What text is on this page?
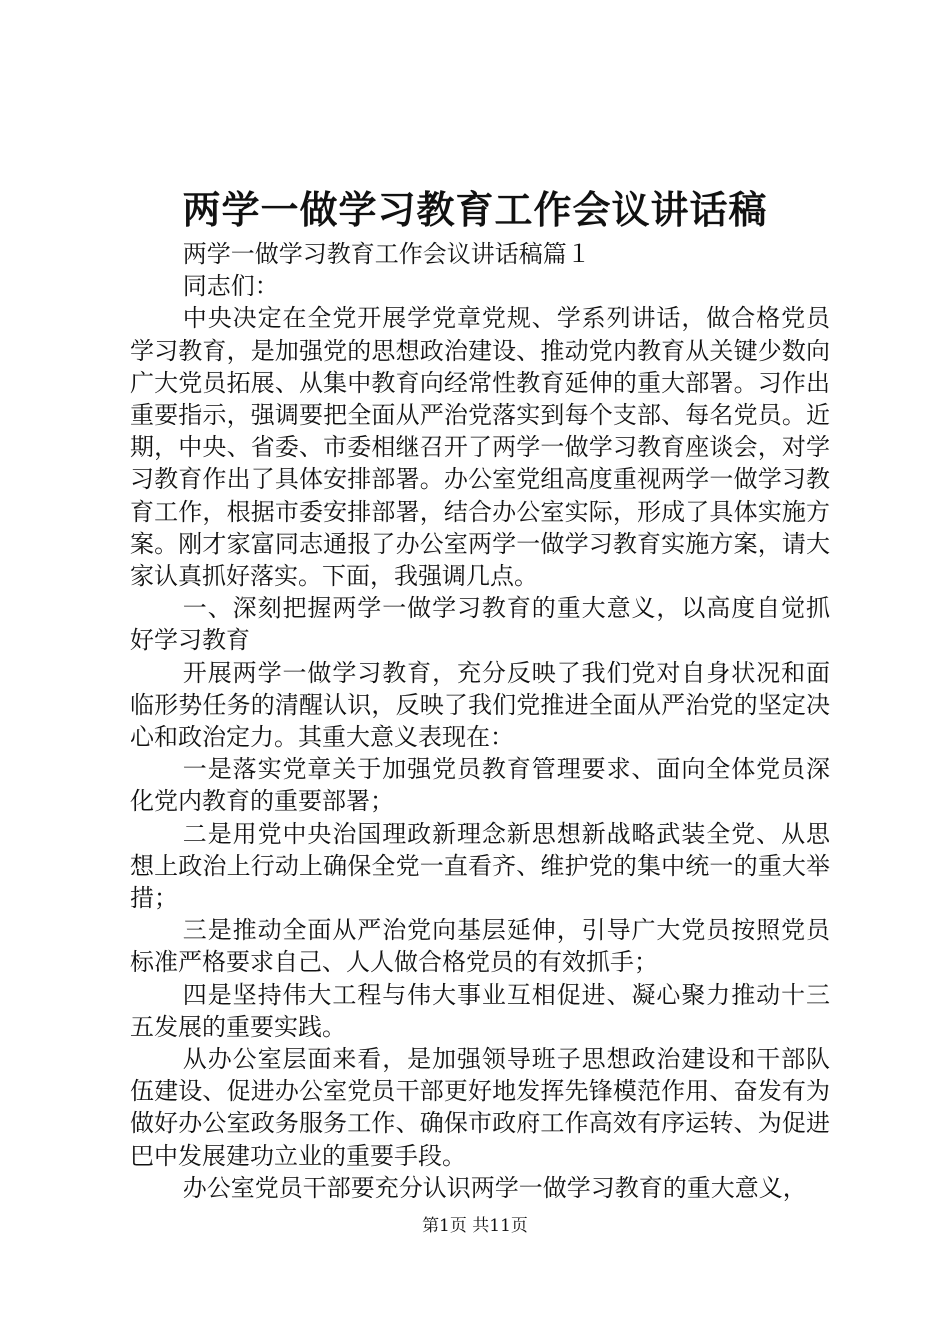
两学一做学习教育工作会议讲话稿

两学一做学习教育工作会议讲话稿篇１

同志们：

中央决定在全党开展学党章党规、学系列讲话，做合格党员学习教育，是加强党的思想政治建设、推动党内教育从关键少数向广大党员拓展、从集中教育向经常性教育延伸的重大部署。习作出重要指示，强调要把全面从严治党落实到每个支部、每名党员。近期，中央、省委、市委相继召开了两学一做学习教育座谈会，对学习教育作出了具体安排部署。办公室党组高度重视两学一做学习教育工作，根据市委安排部署，结合办公室实际，形成了具体实施方案。刚才家富同志通报了办公室两学一做学习教育实施方案，请大家认真抓好落实。下面，我强调几点。

一、深刻把握两学一做学习教育的重大意义，以高度自觉抓好学习教育

开展两学一做学习教育，充分反映了我们党对自身状况和面临形势任务的清醒认识，反映了我们党推进全面从严治党的坚定决心和政治定力。其重大意义表现在：

一是落实党章关于加强党员教育管理要求、面向全体党员深化党内教育的重要部署；

二是用党中央治国理政新理念新思想新战略武装全党、从思想上政治上行动上确保全党一直看齐、维护党的集中统一的重大举措；

三是推动全面从严治党向基层延伸，引导广大党员按照党员标准严格要求自己、人人做合格党员的有效抓手；

四是坚持伟大工程与伟大事业互相促进、凝心聚力推动十三五发展的重要实践。

从办公室层面来看，是加强领导班子思想政治建设和干部队伍建设、促进办公室党员干部更好地发挥先锋模范作用、奋发有为做好办公室政务服务工作、确保市政府工作高效有序运转、为促进巴中发展建功立业的重要手段。

办公室党员干部要充分认识两学一做学习教育的重大意义，

第1页 共11页
